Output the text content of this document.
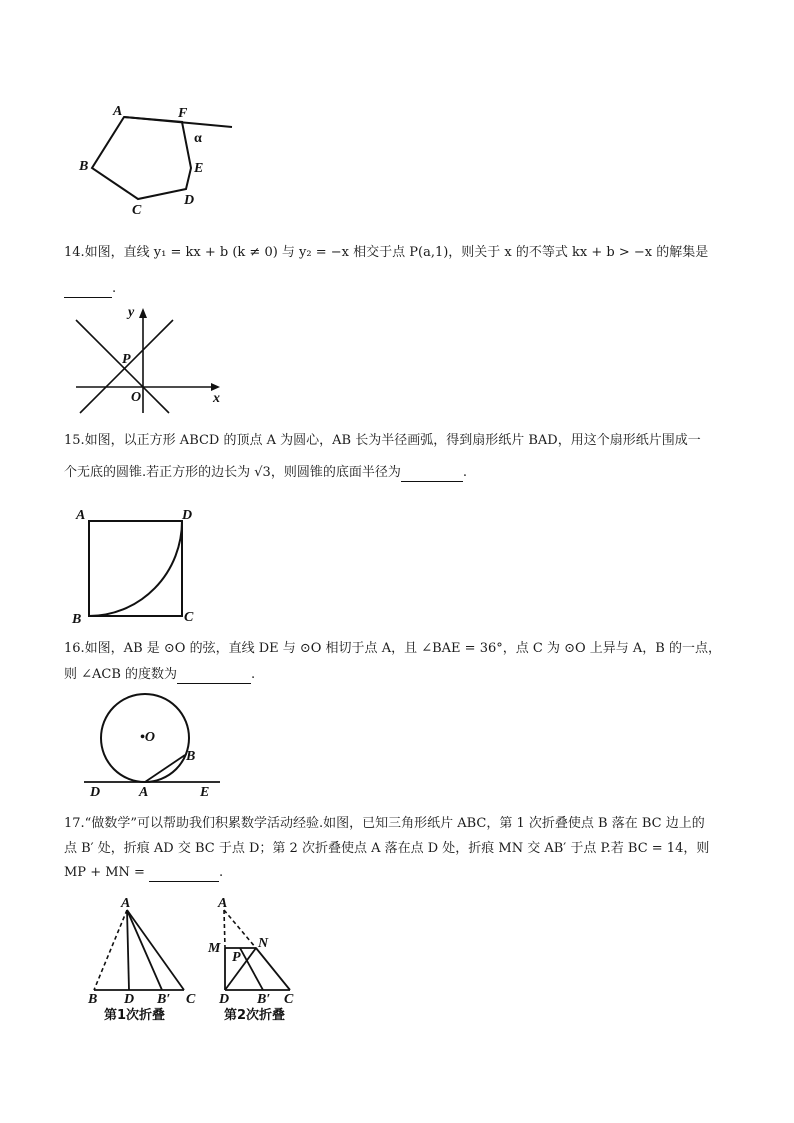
A	F
α
B	E
C
D
14.如图，直线 y₁ = kx + b (k ≠ 0) 与 y₂ = −x 相交于点 P(a,1)，则关于 x 的不等式 kx + b > −x 的解集是
.
y
P
O	x
15.如图，以正方形 ABCD 的顶点 A 为圆心，AB 长为半径画弧，得到扇形纸片 BAD，用这个扇形纸片围成一
个无底的圆锥.若正方形的边长为 √3，则圆锥的底面半径为	.
A	D
B	C
16.如图，AB 是 ⊙O 的弦，直线 DE 与 ⊙O 相切于点 A，且 ∠BAE = 36°，点 C 为 ⊙O 上异与 A，B 的一点，
则 ∠ACB 的度数为	.
•O
B
D	A	E
17.“做数学”可以帮助我们积累数学活动经验.如图，已知三角形纸片 ABC，第 1 次折叠使点 B 落在 BC 边上的
点 B′ 处，折痕 AD 交 BC 于点 D；第 2 次折叠使点 A 落在点 D 处，折痕 MN 交 AB′ 于点 P.若 BC = 14，则
MP + MN =	.
A
B D B′ C
第1次折叠
A
M	N
P
D B′ C
第2次折叠
